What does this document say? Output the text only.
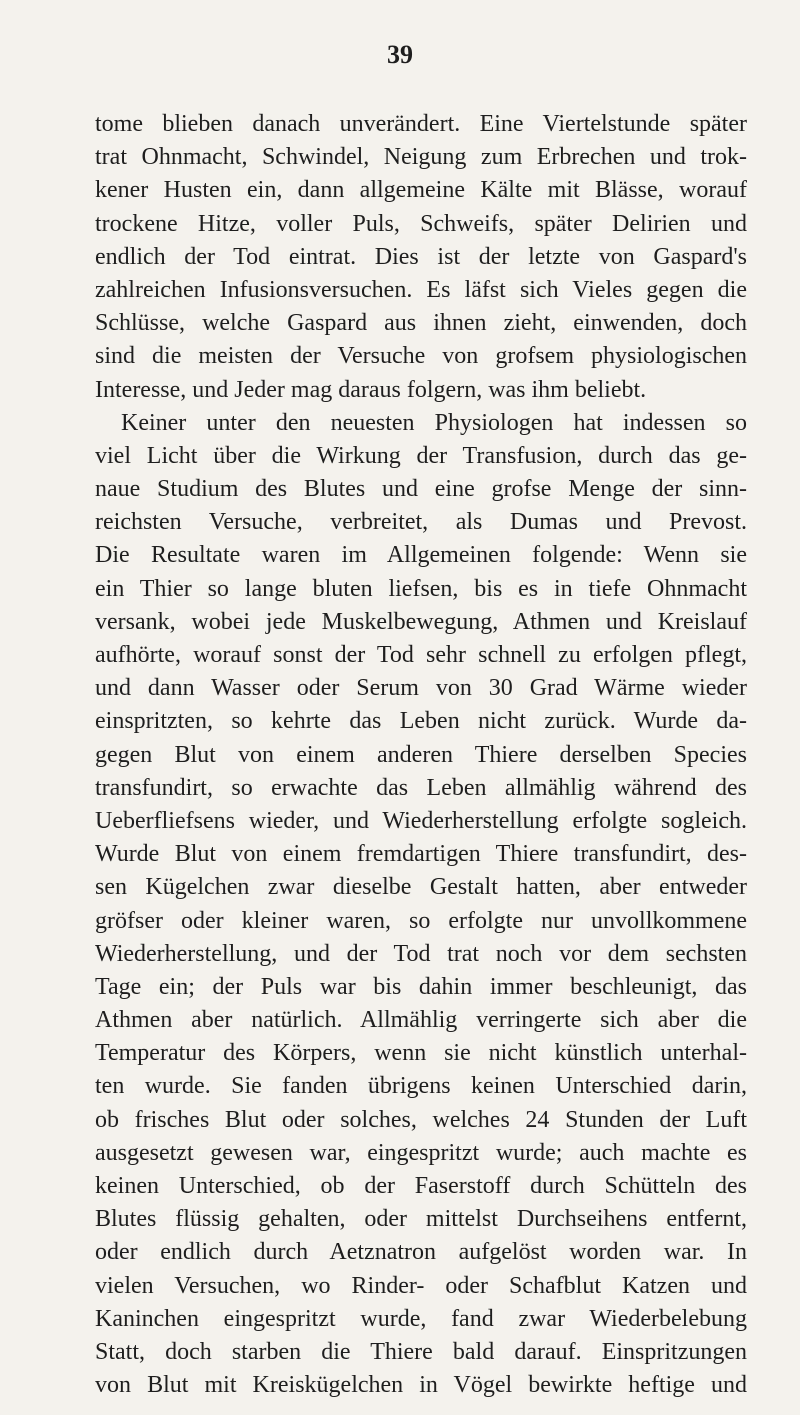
39
tome blieben danach unverändert. Eine Viertelstunde später
trat Ohnmacht, Schwindel, Neigung zum Erbrechen und trok-
kener Husten ein, dann allgemeine Kälte mit Blässe, worauf
trockene Hitze, voller Puls, Schweifs, später Delirien und
endlich der Tod eintrat. Dies ist der letzte von Gaspard's
zahlreichen Infusionsversuchen. Es läfst sich Vieles gegen die
Schlüsse, welche Gaspard aus ihnen zieht, einwenden, doch
sind die meisten der Versuche von grofsem physiologischen
Interesse, und Jeder mag daraus folgern, was ihm beliebt.
Keiner unter den neuesten Physiologen hat indessen so
viel Licht über die Wirkung der Transfusion, durch das ge-
naue Studium des Blutes und eine grofse Menge der sinn-
reichsten Versuche, verbreitet, als Dumas und Prevost.
Die Resultate waren im Allgemeinen folgende: Wenn sie
ein Thier so lange bluten liefsen, bis es in tiefe Ohnmacht
versank, wobei jede Muskelbewegung, Athmen und Kreislauf
aufhörte, worauf sonst der Tod sehr schnell zu erfolgen pflegt,
und dann Wasser oder Serum von 30 Grad Wärme wieder
einspritzten, so kehrte das Leben nicht zurück. Wurde da-
gegen Blut von einem anderen Thiere derselben Species
transfundirt, so erwachte das Leben allmählig während des
Ueberfliefsens wieder, und Wiederherstellung erfolgte sogleich.
Wurde Blut von einem fremdartigen Thiere transfundirt, des-
sen Kügelchen zwar dieselbe Gestalt hatten, aber entweder
gröfser oder kleiner waren, so erfolgte nur unvollkommene
Wiederherstellung, und der Tod trat noch vor dem sechsten
Tage ein; der Puls war bis dahin immer beschleunigt, das
Athmen aber natürlich. Allmählig verringerte sich aber die
Temperatur des Körpers, wenn sie nicht künstlich unterhal-
ten wurde. Sie fanden übrigens keinen Unterschied darin,
ob frisches Blut oder solches, welches 24 Stunden der Luft
ausgesetzt gewesen war, eingespritzt wurde; auch machte es
keinen Unterschied, ob der Faserstoff durch Schütteln des
Blutes flüssig gehalten, oder mittelst Durchseihens entfernt,
oder endlich durch Aetznatron aufgelöst worden war. In
vielen Versuchen, wo Rinder- oder Schafblut Katzen und
Kaninchen eingespritzt wurde, fand zwar Wiederbelebung
Statt, doch starben die Thiere bald darauf. Einspritzungen
von Blut mit Kreiskügelchen in Vögel bewirkte heftige und
